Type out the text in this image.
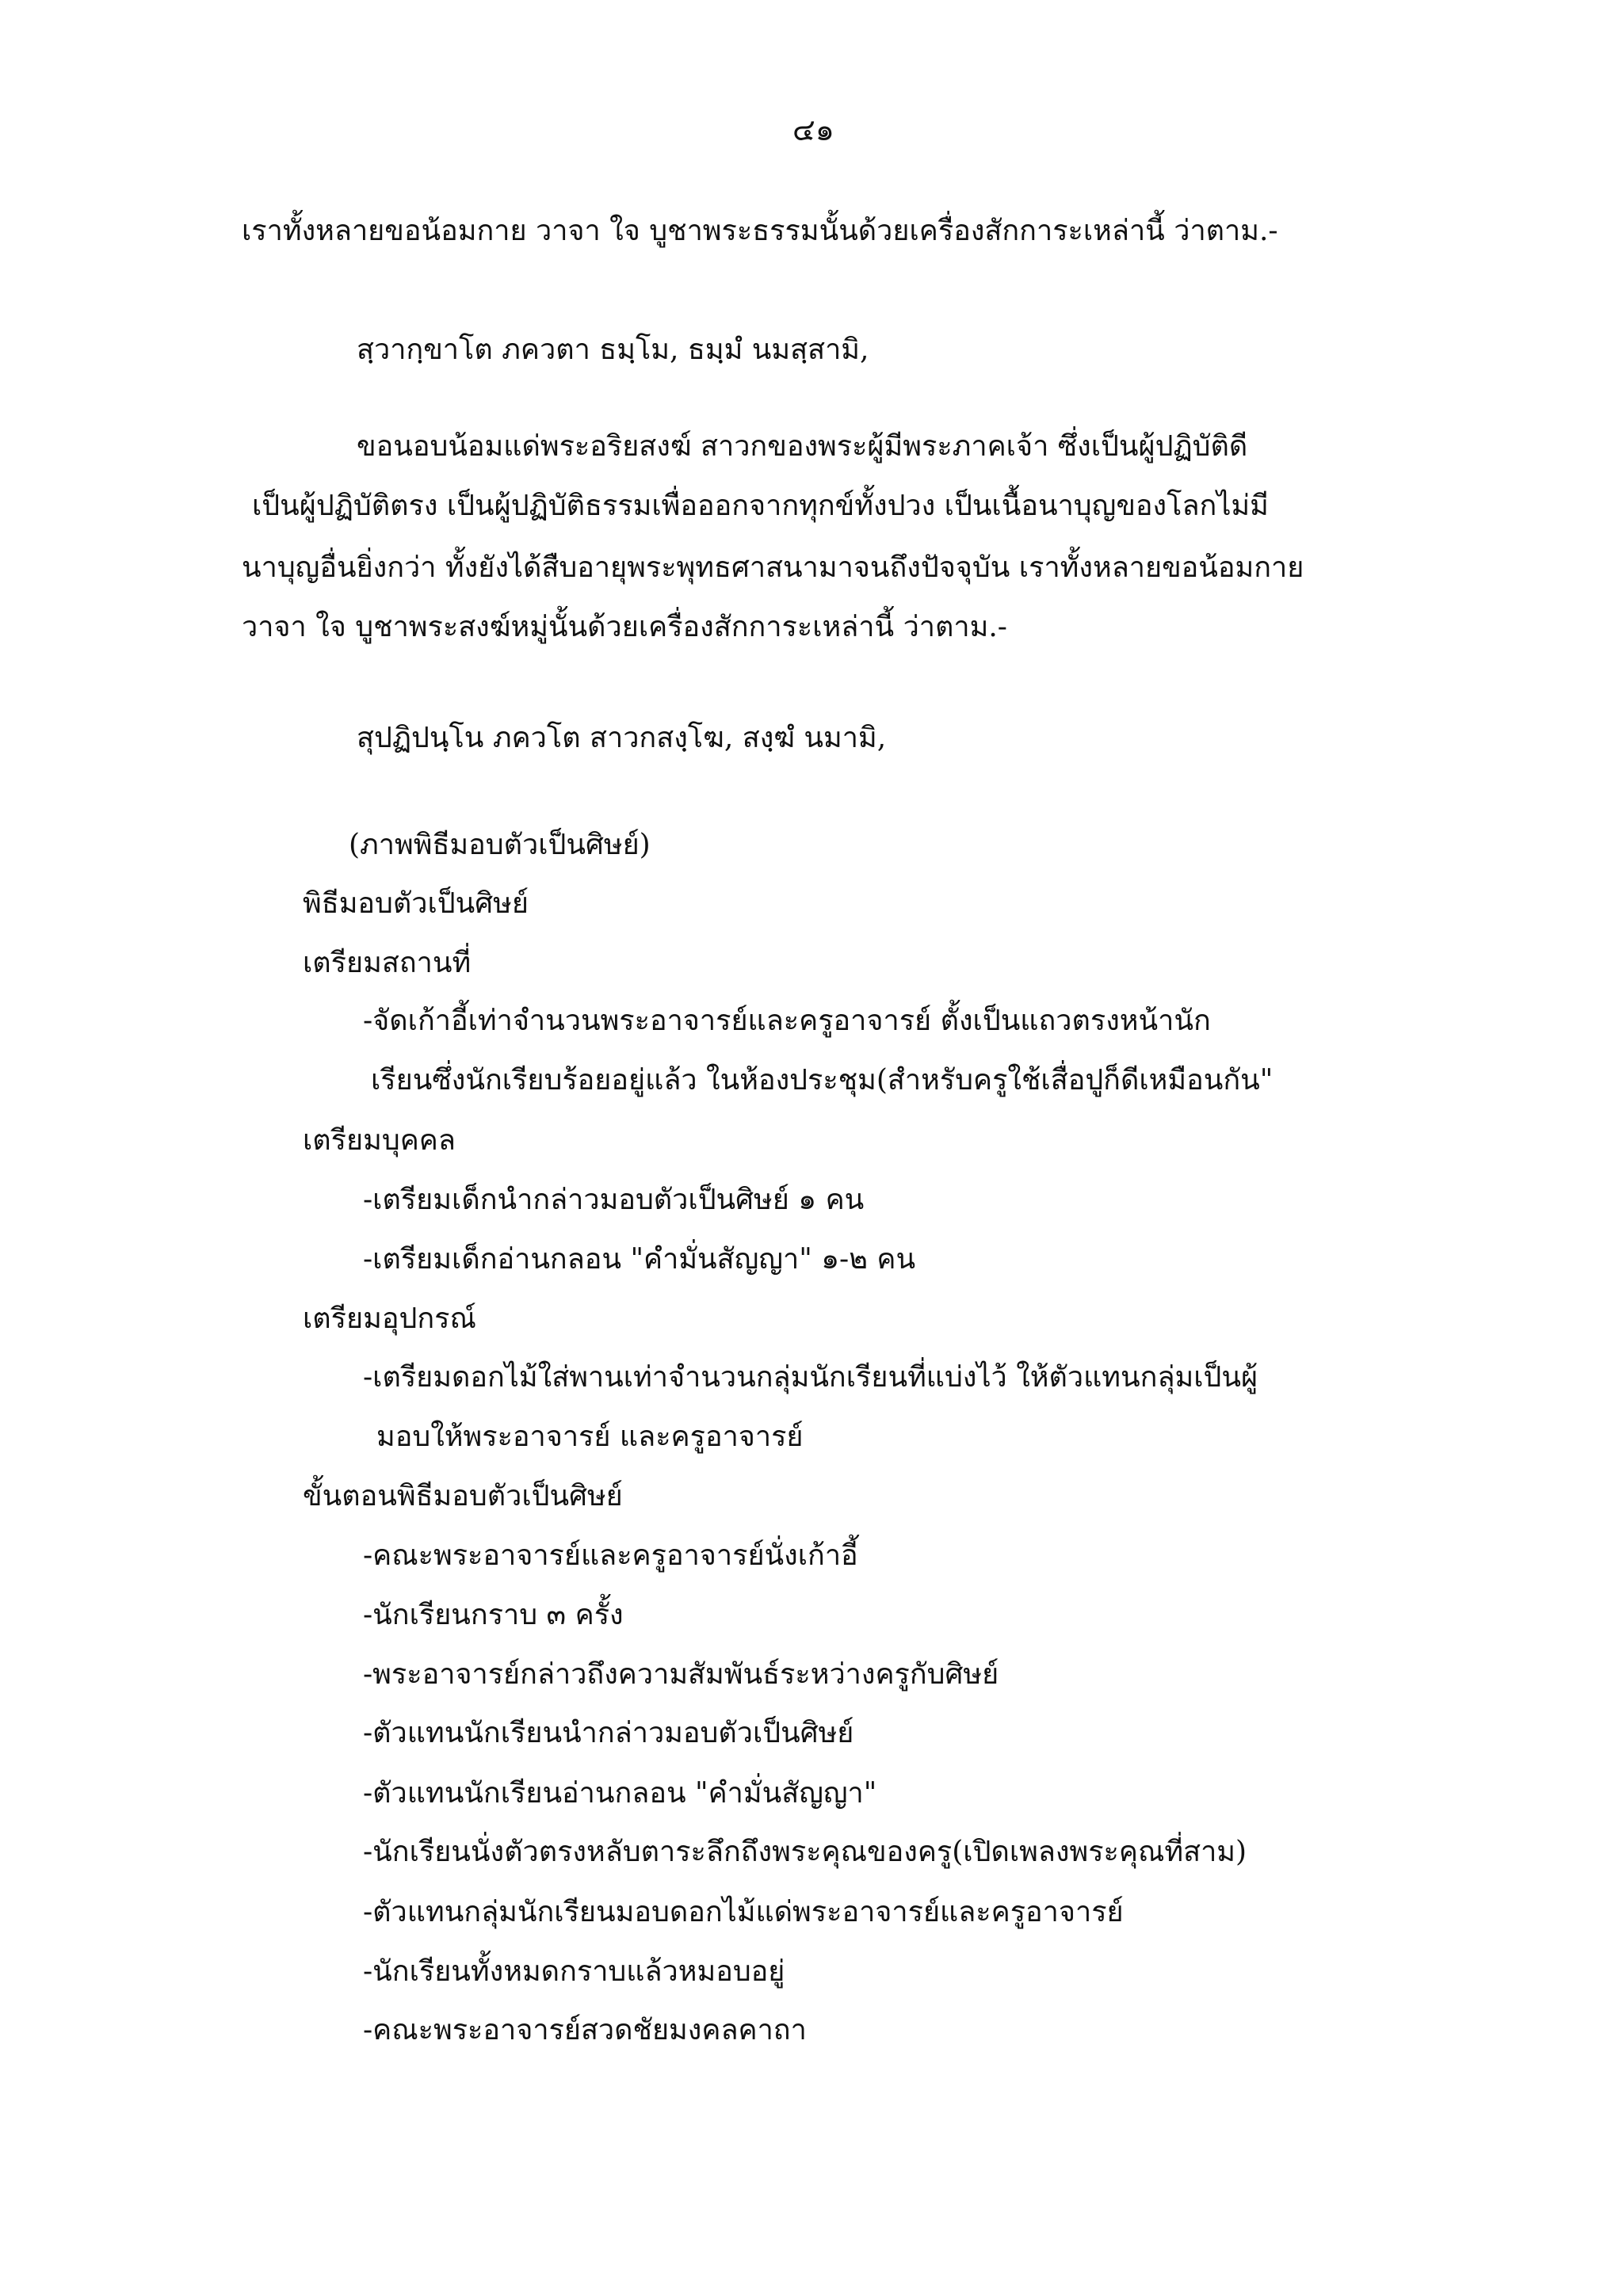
๔๑
เราทั้งหลายขอน้อมกาย วาจา ใจ บูชาพระธรรมนั้นด้วยเครื่องสักการะเหล่านี้ ว่าตาม.-
สฺวากฺขาโต ภควตา ธมฺโม, ธมฺมํ นมสฺสามิ,
ขอนอบน้อมแด่พระอริยสงฆ์ สาวกของพระผู้มีพระภาคเจ้า ซึ่งเป็นผู้ปฏิบัติดี
เป็นผู้ปฏิบัติตรง เป็นผู้ปฏิบัติธรรมเพื่อออกจากทุกข์ทั้งปวง เป็นเนื้อนาบุญของโลกไม่มี
นาบุญอื่นยิ่งกว่า ทั้งยังได้สืบอายุพระพุทธศาสนามาจนถึงปัจจุบัน เราทั้งหลายขอน้อมกาย
วาจา ใจ บูชาพระสงฆ์หมู่นั้นด้วยเครื่องสักการะเหล่านี้ ว่าตาม.-
สุปฏิปนฺโน ภควโต สาวกสงฺโฆ, สงฺฆํ นมามิ,
(ภาพพิธีมอบตัวเป็นศิษย์)
พิธีมอบตัวเป็นศิษย์
เตรียมสถานที่
-จัดเก้าอี้เท่าจำนวนพระอาจารย์และครูอาจารย์ ตั้งเป็นแถวตรงหน้านัก
เรียนซึ่งนักเรียบร้อยอยู่แล้ว ในห้องประชุม(สำหรับครูใช้เสื่อปูก็ดีเหมือนกัน"
เตรียมบุคคล
-เตรียมเด็กนำกล่าวมอบตัวเป็นศิษย์ ๑ คน
-เตรียมเด็กอ่านกลอน "คำมั่นสัญญา" ๑-๒ คน
เตรียมอุปกรณ์
-เตรียมดอกไม้ใส่พานเท่าจำนวนกลุ่มนักเรียนที่แบ่งไว้ ให้ตัวแทนกลุ่มเป็นผู้
มอบให้พระอาจารย์ และครูอาจารย์
ขั้นตอนพิธีมอบตัวเป็นศิษย์
-คณะพระอาจารย์และครูอาจารย์นั่งเก้าอี้
-นักเรียนกราบ ๓ ครั้ง
-พระอาจารย์กล่าวถึงความสัมพันธ์ระหว่างครูกับศิษย์
-ตัวแทนนักเรียนนำกล่าวมอบตัวเป็นศิษย์
-ตัวแทนนักเรียนอ่านกลอน "คำมั่นสัญญา"
-นักเรียนนั่งตัวตรงหลับตาระลึกถึงพระคุณของครู(เปิดเพลงพระคุณที่สาม)
-ตัวแทนกลุ่มนักเรียนมอบดอกไม้แด่พระอาจารย์และครูอาจารย์
-นักเรียนทั้งหมดกราบแล้วหมอบอยู่
-คณะพระอาจารย์สวดชัยมงคลคาถา
